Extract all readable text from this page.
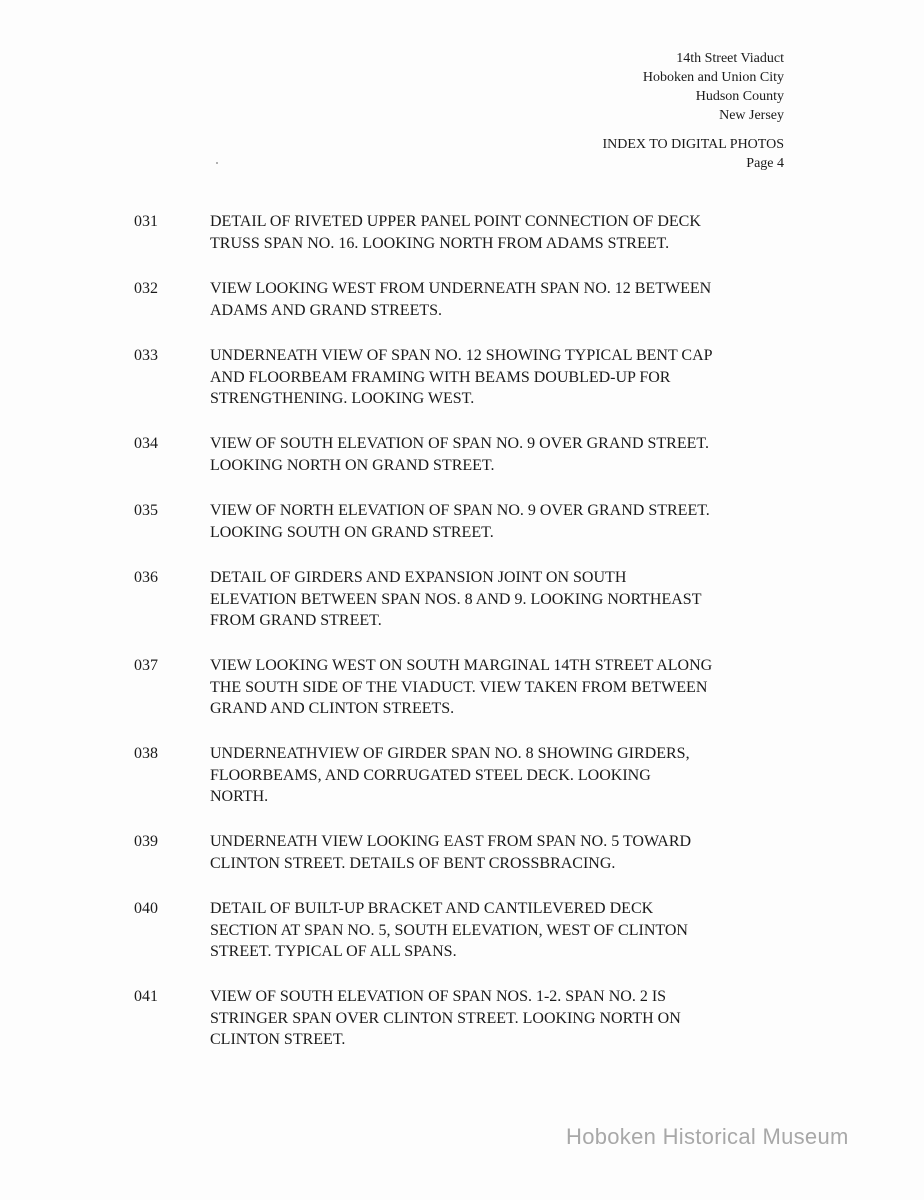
14th Street Viaduct
Hoboken and Union City
Hudson County
New Jersey
INDEX TO DIGITAL PHOTOS
Page 4
031	DETAIL OF RIVETED UPPER PANEL POINT CONNECTION OF DECK
TRUSS SPAN NO. 16. LOOKING NORTH FROM ADAMS STREET.
032	VIEW LOOKING WEST FROM UNDERNEATH SPAN NO. 12 BETWEEN
ADAMS AND GRAND STREETS.
033	UNDERNEATH VIEW OF SPAN NO. 12 SHOWING TYPICAL BENT CAP
AND FLOORBEAM FRAMING WITH BEAMS DOUBLED-UP FOR
STRENGTHENING. LOOKING WEST.
034	VIEW OF SOUTH ELEVATION OF SPAN NO. 9 OVER GRAND STREET.
LOOKING NORTH ON GRAND STREET.
035	VIEW OF NORTH ELEVATION OF SPAN NO. 9 OVER GRAND STREET.
LOOKING SOUTH ON GRAND STREET.
036	DETAIL OF GIRDERS AND EXPANSION JOINT ON SOUTH
ELEVATION BETWEEN SPAN NOS. 8 AND 9. LOOKING NORTHEAST
FROM GRAND STREET.
037	VIEW LOOKING WEST ON SOUTH MARGINAL 14TH STREET ALONG
THE SOUTH SIDE OF THE VIADUCT. VIEW TAKEN FROM BETWEEN
GRAND AND CLINTON STREETS.
038	UNDERNEATHVIEW OF GIRDER SPAN NO. 8 SHOWING GIRDERS,
FLOORBEAMS, AND CORRUGATED STEEL DECK. LOOKING
NORTH.
039	UNDERNEATH VIEW LOOKING EAST FROM SPAN NO. 5 TOWARD
CLINTON STREET. DETAILS OF BENT CROSSBRACING.
040	DETAIL OF BUILT-UP BRACKET AND CANTILEVERED DECK
SECTION AT SPAN NO. 5, SOUTH ELEVATION, WEST OF CLINTON
STREET. TYPICAL OF ALL SPANS.
041	VIEW OF SOUTH ELEVATION OF SPAN NOS. 1-2. SPAN NO. 2 IS
STRINGER SPAN OVER CLINTON STREET. LOOKING NORTH ON
CLINTON STREET.
Hoboken Historical Museum
